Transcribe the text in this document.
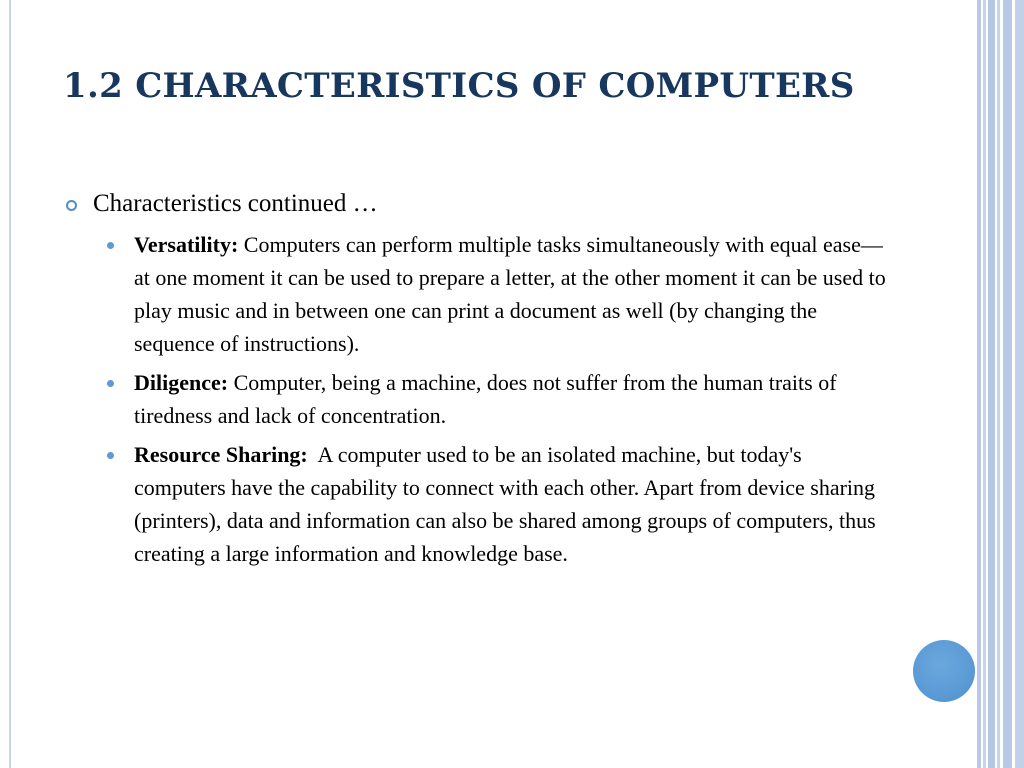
1.2 CHARACTERISTICS OF COMPUTERS

Characteristics continued …

Versatility: Computers can perform multiple tasks simultaneously with equal ease—at one moment it can be used to prepare a letter, at the other moment it can be used to play music and in between one can print a document as well (by changing the sequence of instructions).
Diligence: Computer, being a machine, does not suffer from the human traits of tiredness and lack of concentration.
Resource Sharing:  A computer used to be an isolated machine, but today's computers have the capability to connect with each other. Apart from device sharing (printers), data and information can also be shared among groups of computers, thus creating a large information and knowledge base.
